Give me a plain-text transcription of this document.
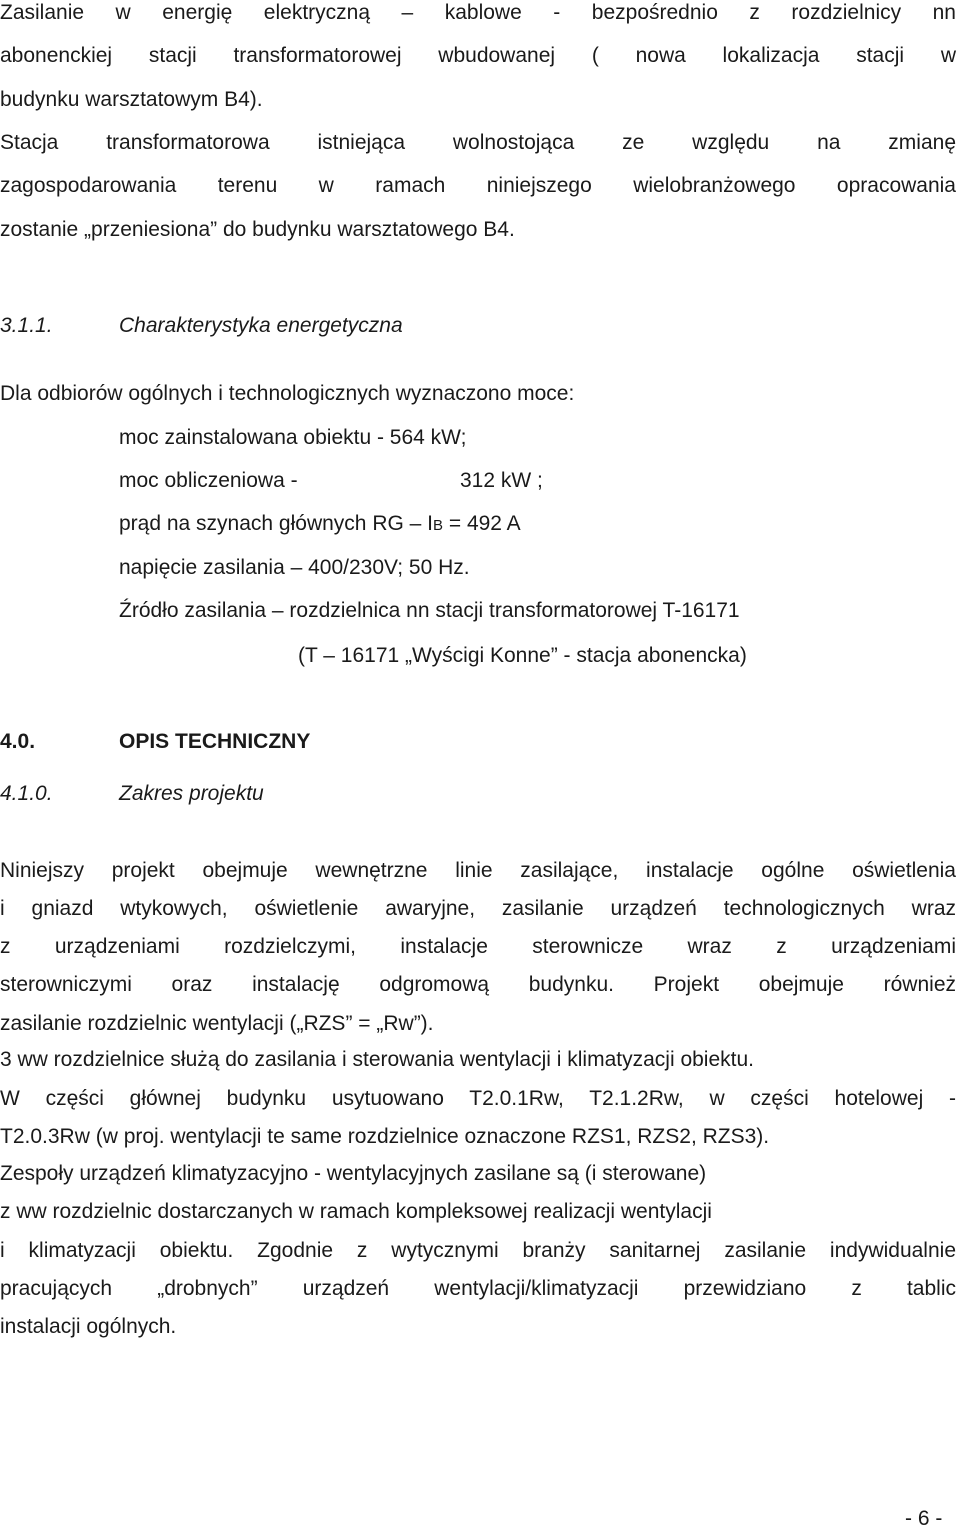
Zasilanie w energię elektryczną – kablowe - bezpośrednio z rozdzielnicy nn
abonenckiej stacji transformatorowej wbudowanej ( nowa lokalizacja stacji w
budynku warsztatowym B4).
Stacja transformatorowa istniejąca wolnostojąca ze względu na zmianę
zagospodarowania terenu w ramach niniejszego wielobranżowego opracowania
zostanie „przeniesiona” do budynku warsztatowego B4.
3.1.1.	Charakterystyka energetyczna
Dla odbiorów ogólnych i technologicznych wyznaczono moce:
moc zainstalowana obiektu - 564 kW;
moc obliczeniowa -	312 kW ;
prąd na szynach głównych RG – IB = 492 A
napięcie zasilania – 400/230V; 50 Hz.
Źródło zasilania – rozdzielnica nn stacji transformatorowej T-16171
(T – 16171 „Wyścigi Konne” - stacja abonencka)
4.0.	OPIS TECHNICZNY
4.1.0.	Zakres projektu
Niniejszy projekt obejmuje wewnętrzne linie zasilające, instalacje ogólne oświetlenia
i gniazd wtykowych, oświetlenie awaryjne, zasilanie urządzeń technologicznych wraz
z urządzeniami rozdzielczymi, instalacje sterownicze wraz z urządzeniami
sterowniczymi oraz instalację odgromową budynku. Projekt obejmuje również
zasilanie rozdzielnic wentylacji („RZS” = „Rw”).
3 ww rozdzielnice służą do zasilania i sterowania wentylacji i klimatyzacji obiektu.
W części głównej budynku usytuowano T2.0.1Rw, T2.1.2Rw, w części hotelowej -
T2.0.3Rw (w proj. wentylacji te same rozdzielnice oznaczone RZS1, RZS2, RZS3).
Zespoły urządzeń klimatyzacyjno - wentylacyjnych zasilane są (i sterowane)
z ww rozdzielnic dostarczanych w ramach kompleksowej realizacji wentylacji
i klimatyzacji obiektu. Zgodnie z wytycznymi branży sanitarnej zasilanie indywidualnie
pracujących „drobnych” urządzeń wentylacji/klimatyzacji przewidziano z tablic
instalacji ogólnych.
- 6 -
